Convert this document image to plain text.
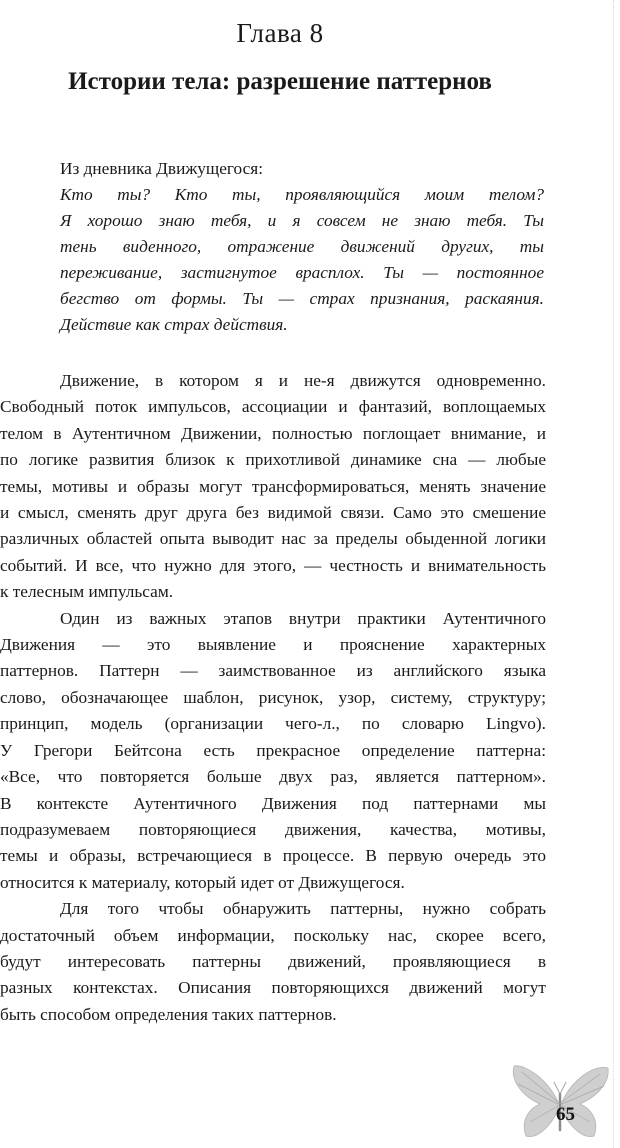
Глава 8
Истории тела: разрешение паттернов
Из дневника Движущегося:
Кто ты? Кто ты, проявляющийся моим телом?
Я хорошо знаю тебя, и я совсем не знаю тебя. Ты
тень виденного, отражение движений других, ты
переживание, застигнутое врасплох. Ты — постоянное
бегство от формы. Ты — страх признания, раскаяния.
Действие как страх действия.
Движение, в котором я и не-я движутся одновременно.
Свободный поток импульсов, ассоциации и фантазий, воплощаемых
телом в Аутентичном Движении, полностью поглощает внимание, и
по логике развития близок к прихотливой динамике сна — любые
темы, мотивы и образы могут трансформироваться, менять значение
и смысл, сменять друг друга без видимой связи. Само это смешение
различных областей опыта выводит нас за пределы обыденной логики
событий. И все, что нужно для этого, — честность и внимательность
к телесным импульсам.
Один из важных этапов внутри практики Аутентичного
Движения — это выявление и прояснение характерных
паттернов. Паттерн — заимствованное из английского языка
слово, обозначающее шаблон, рисунок, узор, систему, структуру;
принцип, модель (организации чего-л., по словарю Lingvo).
У Грегори Бейтсона есть прекрасное определение паттерна:
«Все, что повторяется больше двух раз, является паттерном».
В контексте Аутентичного Движения под паттернами мы
подразумеваем повторяющиеся движения, качества, мотивы,
темы и образы, встречающиеся в процессе. В первую очередь это
относится к материалу, который идет от Движущегося.
Для того чтобы обнаружить паттерны, нужно собрать
достаточный объем информации, поскольку нас, скорее всего,
будут интересовать паттерны движений, проявляющиеся в
разных контекстах. Описания повторяющихся движений могут
быть способом определения таких паттернов.
65
